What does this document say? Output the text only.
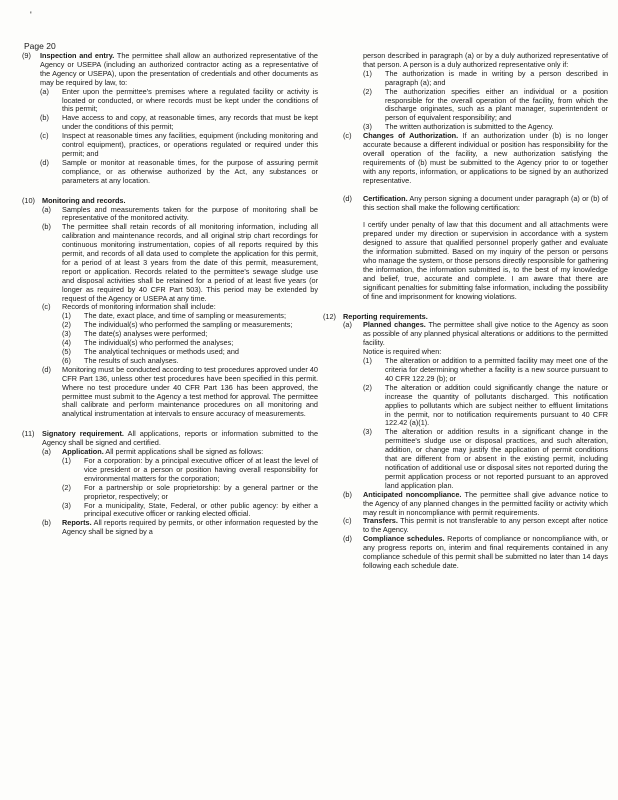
'
Page 20
(9) Inspection and entry. The permittee shall allow an authorized representative of the Agency or USEPA (including an authorized contractor acting as a representative of the Agency or USEPA), upon the presentation of credentials and other documents as may be required by law, to:
(a) Enter upon the permittee's premises where a regulated facility or activity is located or conducted, or where records must be kept under the conditions of this permit;
(b) Have access to and copy, at reasonable times, any records that must be kept under the conditions of this permit;
(c) Inspect at reasonable times any facilities, equipment (including monitoring and control equipment), practices, or operations regulated or required under this permit; and
(d) Sample or monitor at reasonable times, for the purpose of assuring permit compliance, or as otherwise authorized by the Act, any substances or parameters at any location.
(10) Monitoring and records.
(a) Samples and measurements taken for the purpose of monitoring shall be representative of the monitored activity.
(b) The permittee shall retain records of all monitoring information, including all calibration and maintenance records, and all original strip chart recordings for continuous monitoring instrumentation, copies of all reports required by this permit, and records of all data used to complete the application for this permit, for a period of at least 3 years from the date of this permit, measurement, report or application. Records related to the permittee's sewage sludge use and disposal activities shall be retained for a period of at least five years (or longer as required by 40 CFR Part 503). This period may be extended by request of the Agency or USEPA at any time.
(c) Records of monitoring information shall include:
(1) The date, exact place, and time of sampling or measurements;
(2) The individual(s) who performed the sampling or measurements;
(3) The date(s) analyses were performed;
(4) The individual(s) who performed the analyses;
(5) The analytical techniques or methods used; and
(6) The results of such analyses.
(d) Monitoring must be conducted according to test procedures approved under 40 CFR Part 136, unless other test procedures have been specified in this permit. Where no test procedure under 40 CFR Part 136 has been approved, the permittee must submit to the Agency a test method for approval. The permittee shall calibrate and perform maintenance procedures on all monitoring and analytical instrumentation at intervals to ensure accuracy of measurements.
(11) Signatory requirement. All applications, reports or information submitted to the Agency shall be signed and certified.
(a) Application. All permit applications shall be signed as follows:
(1) For a corporation: by a principal executive officer of at least the level of vice president or a person or position having overall responsibility for environmental matters for the corporation;
(2) For a partnership or sole proprietorship: by a general partner or the proprietor, respectively; or
(3) For a municipality, State, Federal, or other public agency: by either a principal executive officer or ranking elected official.
(b) Reports. All reports required by permits, or other information requested by the Agency shall be signed by a
person described in paragraph (a) or by a duly authorized representative of that person. A person is a duly authorized representative only if:
(1) The authorization is made in writing by a person described in paragraph (a); and
(2) The authorization specifies either an individual or a position responsible for the overall operation of the facility, from which the discharge originates, such as a plant manager, superintendent or person of equivalent responsibility; and
(3) The written authorization is submitted to the Agency.
(c) Changes of Authorization. If an authorization under (b) is no longer accurate because a different individual or position has responsibility for the overall operation of the facility, a new authorization satisfying the requirements of (b) must be submitted to the Agency prior to or together with any reports, information, or applications to be signed by an authorized representative.
(d) Certification. Any person signing a document under paragraph (a) or (b) of this section shall make the following certification:
I certify under penalty of law that this document and all attachments were prepared under my direction or supervision in accordance with a system designed to assure that qualified personnel properly gather and evaluate the information submitted. Based on my inquiry of the person or persons who manage the system, or those persons directly responsible for gathering the information, the information submitted is, to the best of my knowledge and belief, true, accurate and complete. I am aware that there are significant penalties for submitting false information, including the possibility of fine and imprisonment for knowing violations.
(12) Reporting requirements.
(a) Planned changes. The permittee shall give notice to the Agency as soon as possible of any planned physical alterations or additions to the permitted facility.
Notice is required when:
(1) The alteration or addition to a permitted facility may meet one of the criteria for determining whether a facility is a new source pursuant to 40 CFR 122.29 (b); or
(2) The alteration or addition could significantly change the nature or increase the quantity of pollutants discharged. This notification applies to pollutants which are subject neither to effluent limitations in the permit, nor to notification requirements pursuant to 40 CFR 122.42 (a)(1).
(3) The alteration or addition results in a significant change in the permittee's sludge use or disposal practices, and such alteration, addition, or change may justify the application of permit conditions that are different from or absent in the existing permit, including notification of additional use or disposal sites not reported during the permit application process or not reported pursuant to an approved land application plan.
(b) Anticipated noncompliance. The permittee shall give advance notice to the Agency of any planned changes in the permitted facility or activity which may result in noncompliance with permit requirements.
(c) Transfers. This permit is not transferable to any person except after notice to the Agency.
(d) Compliance schedules. Reports of compliance or noncompliance with, or any progress reports on, interim and final requirements contained in any compliance schedule of this permit shall be submitted no later than 14 days following each schedule date.
